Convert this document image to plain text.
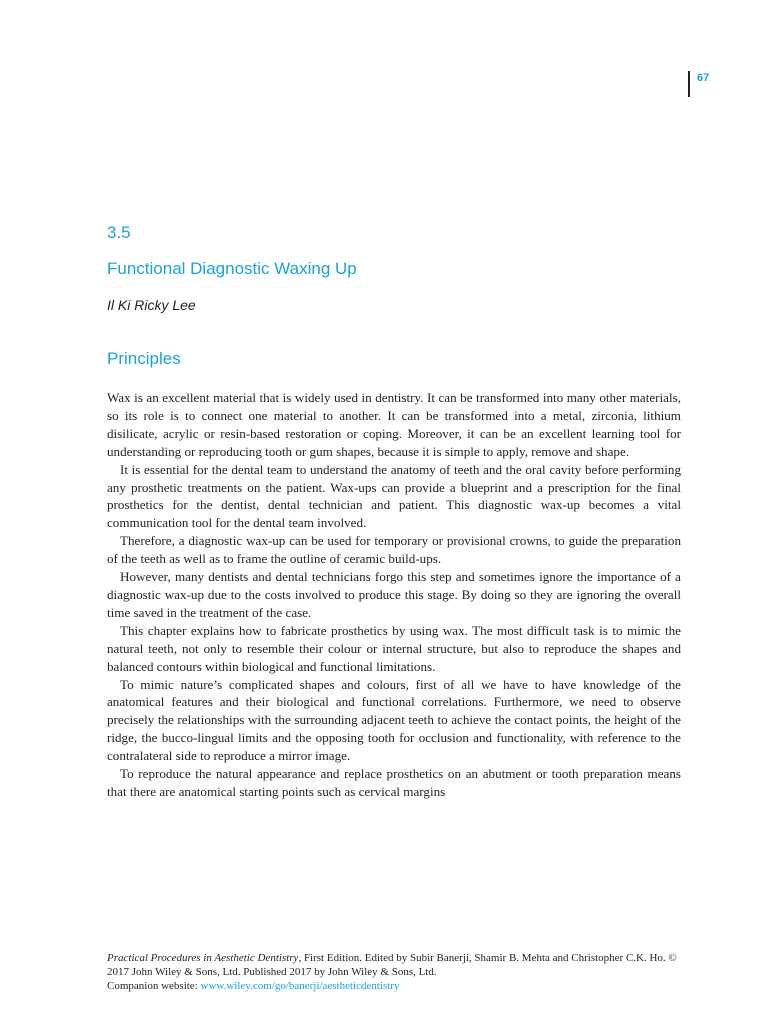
67
3.5
Functional Diagnostic Waxing Up
Il Ki Ricky Lee
Principles

Wax is an excellent material that is widely used in dentistry. It can be transformed into many other materials, so its role is to connect one material to another. It can be transformed into a metal, zirconia, lithium disilicate, acrylic or resin-based restoration or coping. Moreover, it can be an excellent learning tool for understanding or reproducing tooth or gum shapes, because it is simple to apply, remove and shape.

It is essential for the dental team to understand the anatomy of teeth and the oral cavity before performing any prosthetic treatments on the patient. Wax-ups can provide a blueprint and a prescription for the final prosthetics for the dentist, dental technician and patient. This diagnostic wax-up becomes a vital communication tool for the dental team involved.

Therefore, a diagnostic wax-up can be used for temporary or provisional crowns, to guide the preparation of the teeth as well as to frame the outline of ceramic build-ups.

However, many dentists and dental technicians forgo this step and sometimes ignore the importance of a diagnostic wax-up due to the costs involved to produce this stage. By doing so they are ignoring the overall time saved in the treatment of the case.

This chapter explains how to fabricate prosthetics by using wax. The most difficult task is to mimic the natural teeth, not only to resemble their colour or internal structure, but also to reproduce the shapes and balanced contours within biological and functional limitations.

To mimic nature’s complicated shapes and colours, first of all we have to have knowledge of the anatomical features and their biological and functional correlations. Furthermore, we need to observe precisely the relationships with the surrounding adjacent teeth to achieve the contact points, the height of the ridge, the bucco-lingual limits and the opposing tooth for occlusion and functionality, with reference to the contralateral side to reproduce a mirror image.

To reproduce the natural appearance and replace prosthetics on an abutment or tooth preparation means that there are anatomical starting points such as cervical margins

Practical Procedures in Aesthetic Dentistry, First Edition. Edited by Subir Banerji, Shamir B. Mehta and Christopher C.K. Ho. © 2017 John Wiley & Sons, Ltd. Published 2017 by John Wiley & Sons, Ltd.
Companion website: www.wiley.com/go/banerji/aestheticdentistry
